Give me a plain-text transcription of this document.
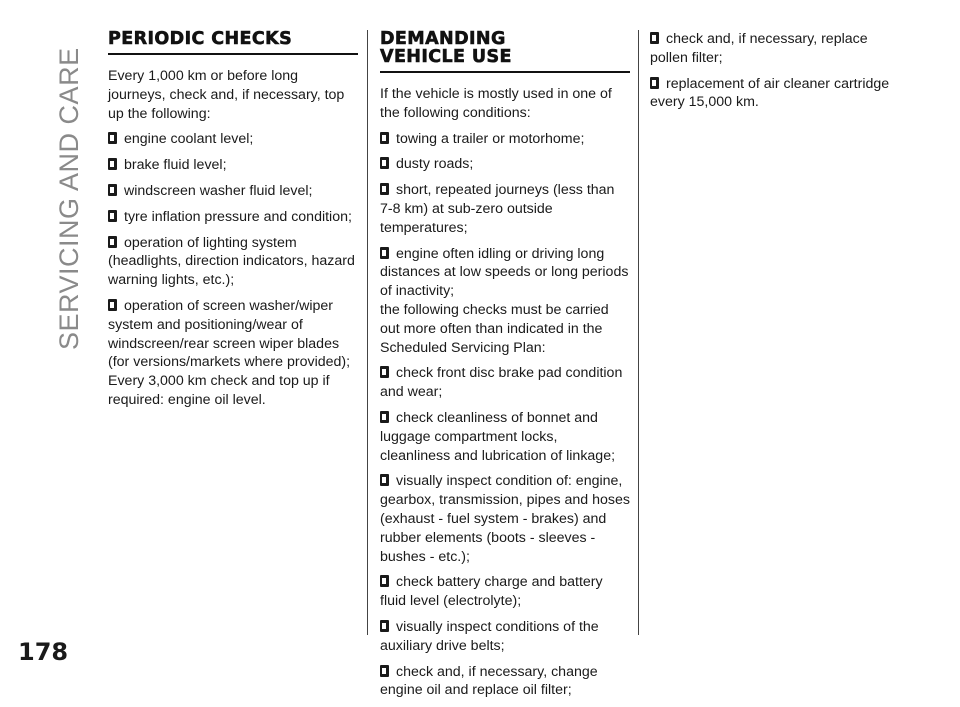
SERVICING AND CARE
PERIODIC CHECKS

Every 1,000 km or before long journeys, check and, if necessary, top up the following:

engine coolant level;

brake fluid level;

windscreen washer fluid level;

tyre inflation pressure and condition;

operation of lighting system (headlights, direction indicators, hazard warning lights, etc.);

operation of screen washer/wiper system and positioning/wear of windscreen/rear screen wiper blades (for versions/markets where provided);

Every 3,000 km check and top up if required: engine oil level.

DEMANDING
VEHICLE USE

If the vehicle is mostly used in one of the following conditions:

towing a trailer or motorhome;

dusty roads;

short, repeated journeys (less than 7-8 km) at sub-zero outside temperatures;

engine often idling or driving long distances at low speeds or long periods of inactivity;

the following checks must be carried out more often than indicated in the Scheduled Servicing Plan:

check front disc brake pad condition and wear;

check cleanliness of bonnet and luggage compartment locks, cleanliness and lubrication of linkage;

visually inspect condition of: engine, gearbox, transmission, pipes and hoses (exhaust - fuel system - brakes) and rubber elements (boots - sleeves - bushes - etc.);

check battery charge and battery fluid level (electrolyte);

visually inspect conditions of the auxiliary drive belts;

check and, if necessary, change engine oil and replace oil filter;

check and, if necessary, replace pollen filter;

replacement of air cleaner cartridge every 15,000 km.

178
